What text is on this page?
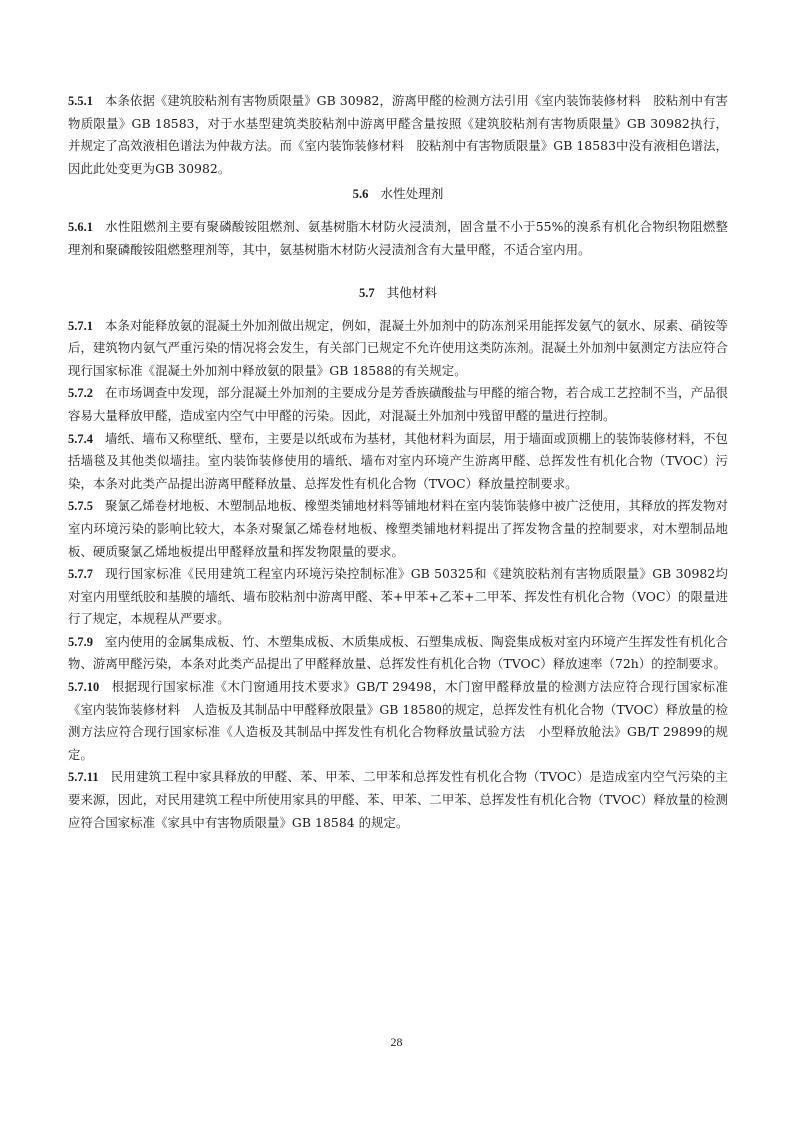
5.5.1 本条依据《建筑胶粘剂有害物质限量》GB 30982，游离甲醛的检测方法引用《室内装饰装修材料　胶粘剂中有害物质限量》GB 18583，对于水基型建筑类胶粘剂中游离甲醛含量按照《建筑胶粘剂有害物质限量》GB 30982执行，并规定了高效液相色谱法为仲裁方法。而《室内装饰装修材料　胶粘剂中有害物质限量》GB 18583中没有液相色谱法，因此此处变更为GB 30982。

5.6 水性处理剂

5.6.1 水性阻燃剂主要有聚磷酸铵阻燃剂、氨基树脂木材防火浸渍剂，固含量不小于55%的溴系有机化合物织物阻燃整理剂和聚磷酸铵阻燃整理剂等，其中，氨基树脂木材防火浸渍剂含有大量甲醛，不适合室内用。

5.7 其他材料

5.7.1 本条对能释放氨的混凝土外加剂做出规定，例如，混凝土外加剂中的防冻剂采用能挥发氨气的氨水、尿素、硝铵等后，建筑物内氨气严重污染的情况将会发生，有关部门已规定不允许使用这类防冻剂。混凝土外加剂中氨测定方法应符合现行国家标准《混凝土外加剂中释放氨的限量》GB 18588的有关规定。

5.7.2 在市场调查中发现，部分混凝土外加剂的主要成分是芳香族磺酸盐与甲醛的缩合物，若合成工艺控制不当，产品很容易大量释放甲醛，造成室内空气中甲醛的污染。因此，对混凝土外加剂中残留甲醛的量进行控制。

5.7.4 墙纸、墙布又称壁纸、壁布，主要是以纸或布为基材，其他材料为面层，用于墙面或顶棚上的装饰装修材料，不包括墙毯及其他类似墙挂。室内装饰装修使用的墙纸、墙布对室内环境产生游离甲醛、总挥发性有机化合物（TVOC）污染，本条对此类产品提出游离甲醛释放量、总挥发性有机化合物（TVOC）释放量控制要求。

5.7.5 聚氯乙烯卷材地板、木塑制品地板、橡塑类铺地材料等铺地材料在室内装饰装修中被广泛使用，其释放的挥发物对室内环境污染的影响比较大，本条对聚氯乙烯卷材地板、橡塑类铺地材料提出了挥发物含量的控制要求，对木塑制品地板、硬质聚氯乙烯地板提出甲醛释放量和挥发物限量的要求。

5.7.7 现行国家标准《民用建筑工程室内环境污染控制标准》GB 50325和《建筑胶粘剂有害物质限量》GB 30982均对室内用壁纸胶和基膜的墙纸、墙布胶粘剂中游离甲醛、苯+甲苯+乙苯+二甲苯、挥发性有机化合物（VOC）的限量进行了规定，本规程从严要求。

5.7.9 室内使用的金属集成板、竹、木塑集成板、木质集成板、石塑集成板、陶瓷集成板对室内环境产生挥发性有机化合物、游离甲醛污染，本条对此类产品提出了甲醛释放量、总挥发性有机化合物（TVOC）释放速率（72h）的控制要求。

5.7.10 根据现行国家标准《木门窗通用技术要求》GB/T 29498，木门窗甲醛释放量的检测方法应符合现行国家标准《室内装饰装修材料　人造板及其制品中甲醛释放限量》GB 18580的规定，总挥发性有机化合物（TVOC）释放量的检测方法应符合现行国家标准《人造板及其制品中挥发性有机化合物释放量试验方法　小型释放舱法》GB/T 29899的规定。

5.7.11 民用建筑工程中家具释放的甲醛、苯、甲苯、二甲苯和总挥发性有机化合物（TVOC）是造成室内空气污染的主要来源，因此，对民用建筑工程中所使用家具的甲醛、苯、甲苯、二甲苯、总挥发性有机化合物（TVOC）释放量的检测应符合国家标准《家具中有害物质限量》GB 18584 的规定。

28
